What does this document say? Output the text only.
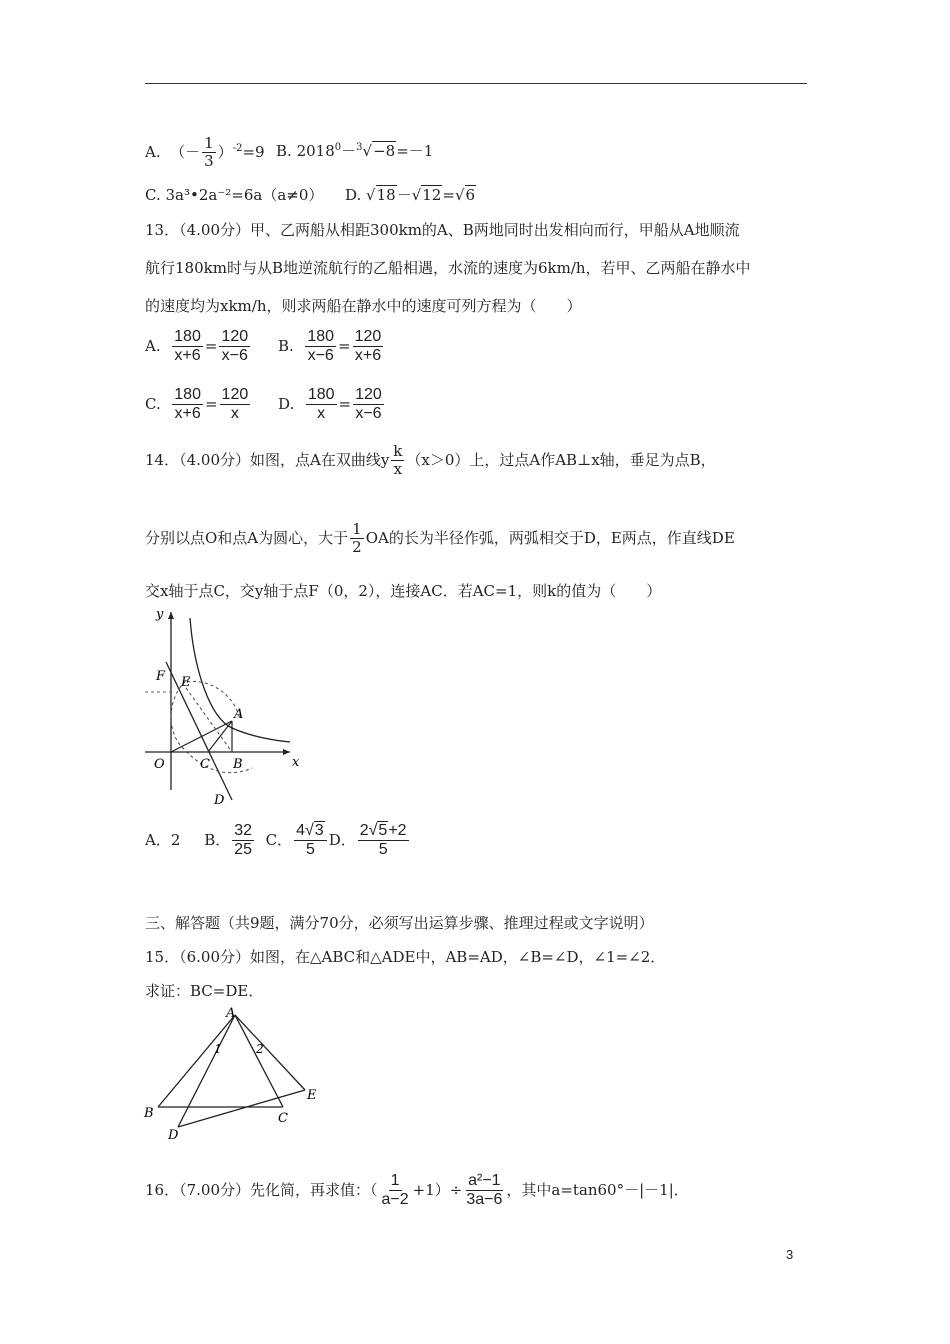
A. （－ $\frac{1}{3} )^{-2}=9$ B. $2018^0-^3√-8=-1$
C. 3a³•2a⁻²=6a（a≠0） D. √18－√12=√6
13．（4.00分）甲、乙两船从相距300km的A、B两地同时出发相向而行，甲船从A地顺流
航行180km时与从B地逆流航行的乙船相遇，水流的速度为6km/h，若甲、乙两船在静水中
的速度均为xkm/h，则求两船在静水中的速度可列方程为（　　）
A. $\frac{180}{x+6} = \frac{120}{x-6} B$. $\frac{180}{x-6} = \frac{120}{x+6}$
C. $\frac{180}{x+6} = \frac{120}{x} D$. $\frac{180}{x} = \frac{120}{x-6}$
14．（4.00分）如图，点A在双曲线y $\frac{k}{x} (x>0)$上，过点A作AB⊥x轴，垂足为点B，
分别以点O和点A为圆心，大于 $\frac{1}{2}$ OA的长为半径作弧，两弧相交于D，E两点，作直线DE
交x轴于点C，交y轴于点F（0，2），连接AC．若AC=1，则k的值为（　　）
y
x
F E
A
O	C B
D
A．2 B． $\frac{32}{25}$ C． $\frac{4√3}{5}$ D． $\frac{2√5+2}{5}$
三、解答题（共9题，满分70分，必须写出运算步骤、推理过程或文字说明）
15．（6.00分）如图，在△ABC和△ADE中，AB=AD，∠B=∠D，∠1=∠2．
求证：BC=DE．
A
B	C
D
E
1	2
16．（7.00分）先化简，再求值：（ $\frac{1}{a-2} +1)\div \frac{\text{a²−1}}{3a-6}$ ，其中a=tan60°－|－1|．
3
